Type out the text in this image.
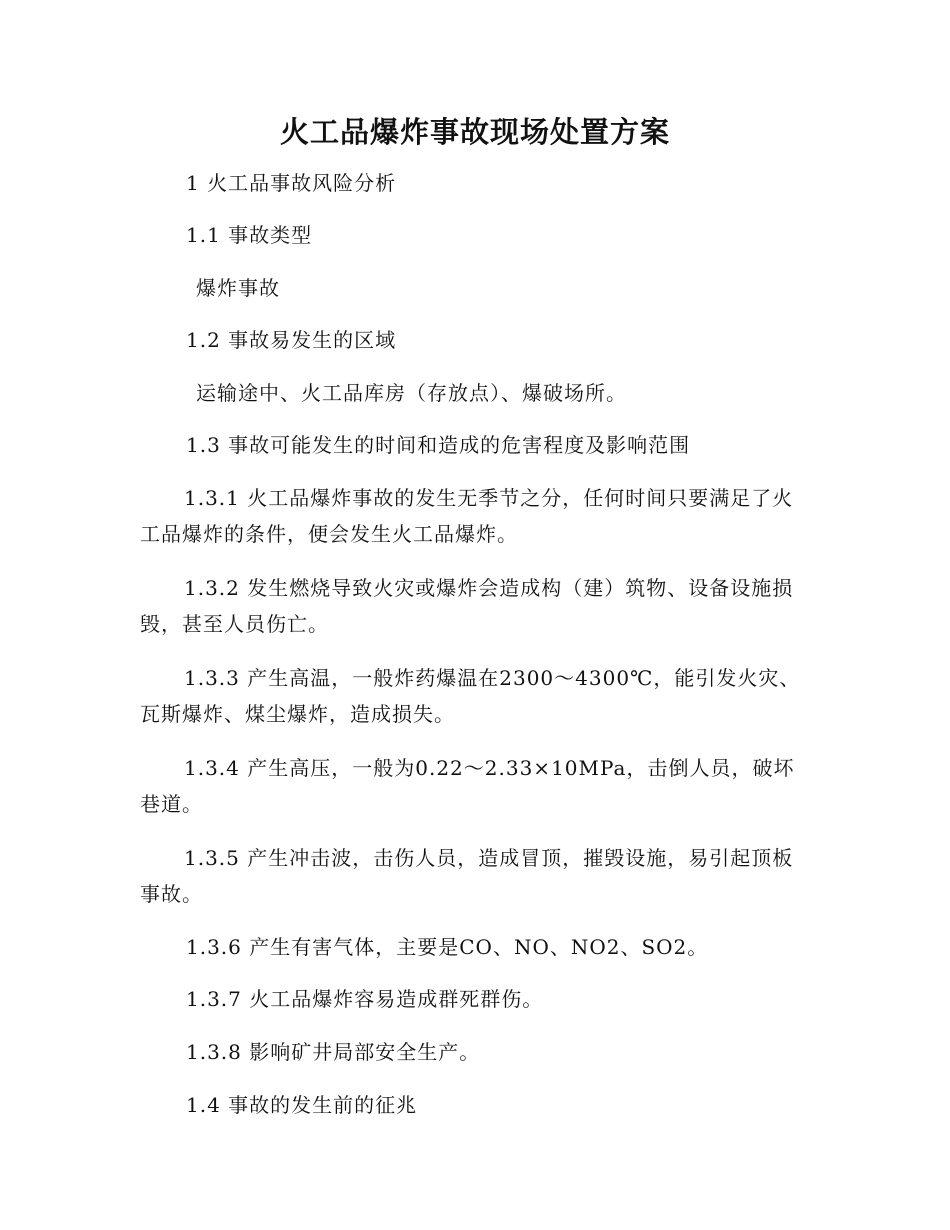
火工品爆炸事故现场处置方案

1 火工品事故风险分析

1.1 事故类型

爆炸事故

1.2 事故易发生的区域

运输途中、火工品库房（存放点）、爆破场所。

1.3 事故可能发生的时间和造成的危害程度及影响范围

1.3.1 火工品爆炸事故的发生无季节之分，任何时间只要满足了火工品爆炸的条件，便会发生火工品爆炸。

1.3.2 发生燃烧导致火灾或爆炸会造成构（建）筑物、设备设施损毁，甚至人员伤亡。

1.3.3 产生高温，一般炸药爆温在2300～4300℃，能引发火灾、瓦斯爆炸、煤尘爆炸，造成损失。

1.3.4 产生高压，一般为0.22～2.33×10MPa，击倒人员，破坏巷道。

1.3.5 产生冲击波，击伤人员，造成冒顶，摧毁设施，易引起顶板事故。

1.3.6 产生有害气体，主要是CO、NO、NO2、SO2。

1.3.7 火工品爆炸容易造成群死群伤。

1.3.8 影响矿井局部安全生产。

1.4 事故的发生前的征兆
